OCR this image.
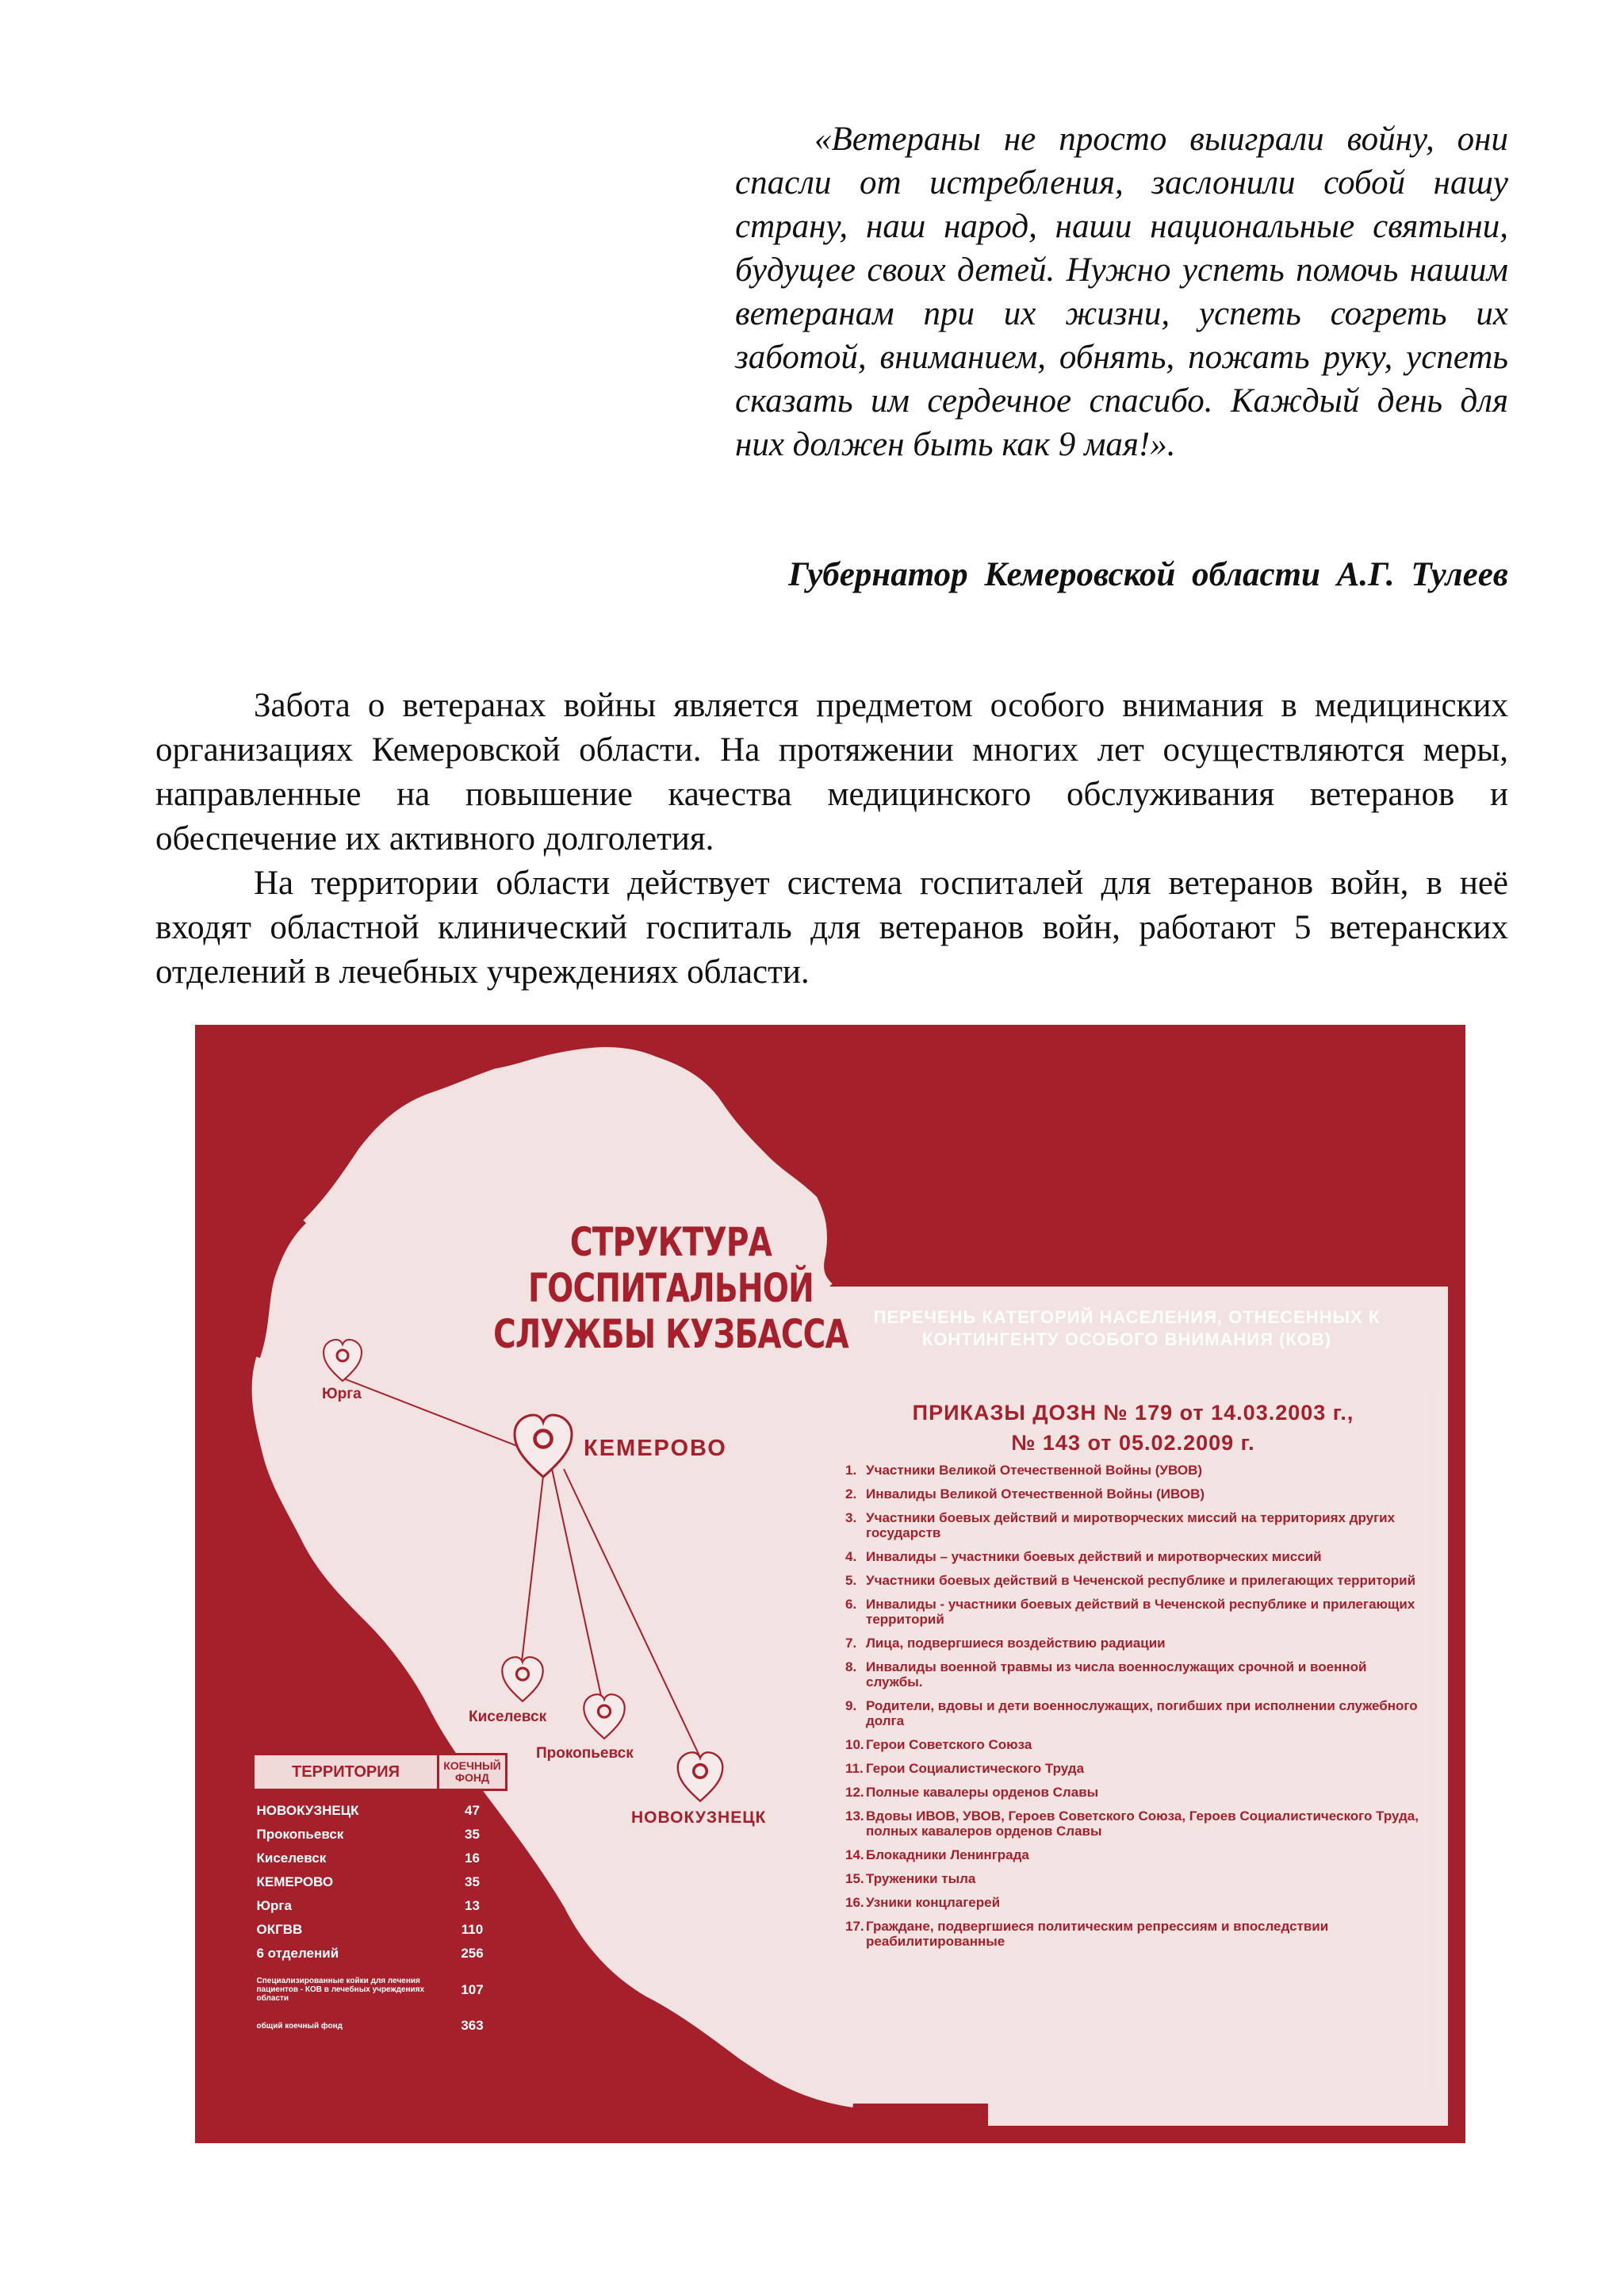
«Ветераны не просто выиграли войну, они спасли от истребления, заслонили собой нашу страну, наш народ, наши национальные святыни, будущее своих детей. Нужно успеть помочь нашим ветеранам при их жизни, успеть согреть их заботой, вниманием, обнять, пожать руку, успеть сказать им сердечное спасибо. Каждый день для них должен быть как 9 мая!».
Губернатор Кемеровской области А.Г. Тулеев

Забота о ветеранах войны является предметом особого внимания в медицинских организациях Кемеровской области. На протяжении многих лет осуществляются меры, направленные на повышение качества медицинского обслуживания ветеранов и обеспечение их активного долголетия.

На территории области действует система госпиталей для ветеранов войн, в неё входят областной клинический госпиталь для ветеранов войн, работают 5 ветеранских отделений в лечебных учреждениях области.

СТРУКТУРА ГОСПИТАЛЬНОЙ СЛУЖБЫ КУЗБАССА
Юрга
КЕМЕРОВО
Киселевск
Прокопьевск
НОВОКУЗНЕЦК
ПЕРЕЧЕНЬ КАТЕГОРИЙ НАСЕЛЕНИЯ, ОТНЕСЕННЫХ К КОНТИНГЕНТУ ОСОБОГО ВНИМАНИЯ (КОВ)
ПРИКАЗЫ ДОЗН № 179 от 14.03.2003 г.,
№ 143 от 05.02.2009 г.
1. Участники Великой Отечественной Войны (УВОВ)
2. Инвалиды Великой Отечественной Войны (ИВОВ)
3. Участники боевых действий и миротворческих миссий на территориях других государств
4. Инвалиды – участники боевых действий и миротворческих миссий
5. Участники боевых действий в Чеченской республике и прилегающих территорий
6. Инвалиды - участники боевых действий в Чеченской республике и прилегающих территорий
7. Лица, подвергшиеся воздействию радиации
8. Инвалиды военной травмы из числа военнослужащих срочной и военной службы.
9. Родители, вдовы и дети военнослужащих, погибших при исполнении служебного долга
10. Герои Советского Союза
11. Герои Социалистического Труда
12. Полные кавалеры орденов Славы
13. Вдовы ИВОВ, УВОВ, Героев Советского Союза, Героев Социалистического Труда, полных кавалеров орденов Славы
14. Блокадники Ленинграда
15. Труженики тыла
16. Узники концлагерей
17. Граждане, подвергшиеся политическим репрессиям и впоследствии реабилитированные
ТЕРРИТОРИЯ	КОЕЧНЫЙ ФОНД
НОВОКУЗНЕЦК	47
Прокопьевск	35
Киселевск	16
КЕМЕРОВО	35
Юрга	13
ОКГВВ	110
6 отделений	256
Специализированные койки для лечения пациентов - КОВ в лечебных учреждениях области	107
общий коечный фонд	363
